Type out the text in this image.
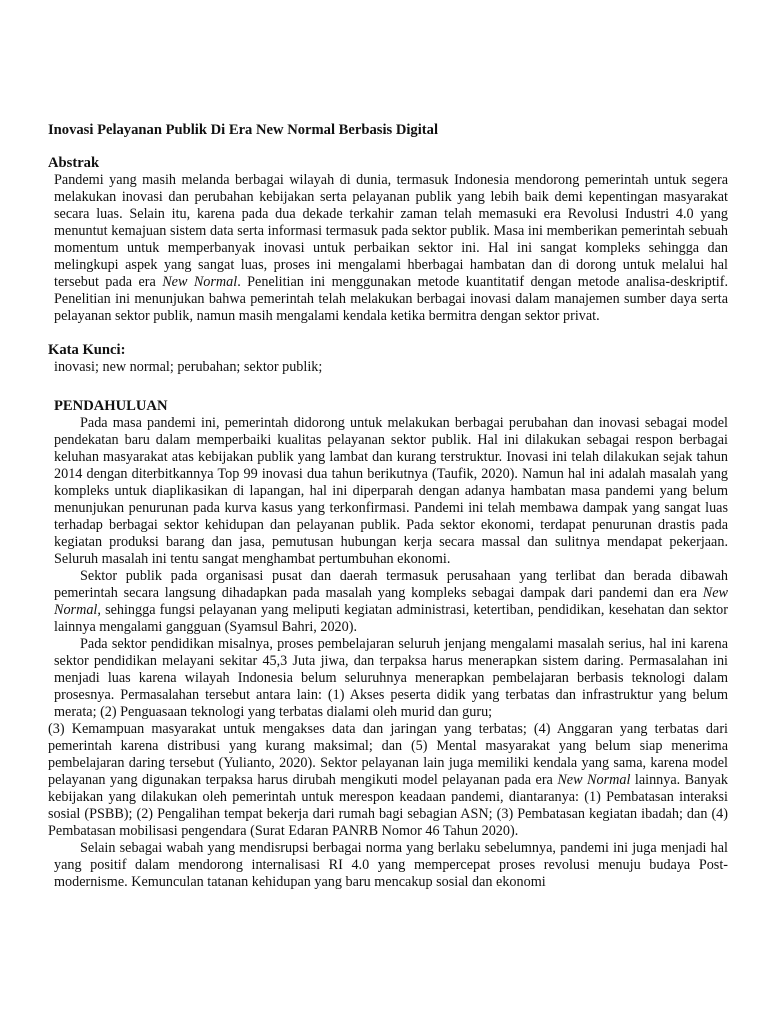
Inovasi Pelayanan Publik Di Era New Normal Berbasis Digital

Abstrak

Pandemi yang masih melanda berbagai wilayah di dunia, termasuk Indonesia mendorong pemerintah untuk segera melakukan inovasi dan perubahan kebijakan serta pelayanan publik yang lebih baik demi kepentingan masyarakat secara luas. Selain itu, karena pada dua dekade terkahir zaman telah memasuki era Revolusi Industri 4.0 yang menuntut kemajuan sistem data serta informasi termasuk pada sektor publik. Masa ini memberikan pemerintah sebuah momentum untuk memperbanyak inovasi untuk perbaikan sektor ini. Hal ini sangat kompleks sehingga dan melingkupi aspek yang sangat luas, proses ini mengalami hberbagai hambatan dan di dorong untuk melalui hal tersebut pada era New Normal. Penelitian ini menggunakan metode kuantitatif dengan metode analisa-deskriptif. Penelitian ini menunjukan bahwa pemerintah telah melakukan berbagai inovasi dalam manajemen sumber daya serta pelayanan sektor publik, namun masih mengalami kendala ketika bermitra dengan sektor privat.

Kata Kunci:

inovasi; new normal; perubahan; sektor publik;

PENDAHULUAN

Pada masa pandemi ini, pemerintah didorong untuk melakukan berbagai perubahan dan inovasi sebagai model pendekatan baru dalam memperbaiki kualitas pelayanan sektor publik. Hal ini dilakukan sebagai respon berbagai keluhan masyarakat atas kebijakan publik yang lambat dan kurang terstruktur. Inovasi ini telah dilakukan sejak tahun 2014 dengan diterbitkannya Top 99 inovasi dua tahun berikutnya (Taufik, 2020). Namun hal ini adalah masalah yang kompleks untuk diaplikasikan di lapangan, hal ini diperparah dengan adanya hambatan masa pandemi yang belum menunjukan penurunan pada kurva kasus yang terkonfirmasi. Pandemi ini telah membawa dampak yang sangat luas terhadap berbagai sektor kehidupan dan pelayanan publik. Pada sektor ekonomi, terdapat penurunan drastis pada kegiatan produksi barang dan jasa, pemutusan hubungan kerja secara massal dan sulitnya mendapat pekerjaan. Seluruh masalah ini tentu sangat menghambat pertumbuhan ekonomi.

Sektor publik pada organisasi pusat dan daerah termasuk perusahaan yang terlibat dan berada dibawah pemerintah secara langsung dihadapkan pada masalah yang kompleks sebagai dampak dari pandemi dan era New Normal, sehingga fungsi pelayanan yang meliputi kegiatan administrasi, ketertiban, pendidikan, kesehatan dan sektor lainnya mengalami gangguan (Syamsul Bahri, 2020).

Pada sektor pendidikan misalnya, proses pembelajaran seluruh jenjang mengalami masalah serius, hal ini karena sektor pendidikan melayani sekitar 45,3 Juta jiwa, dan terpaksa harus menerapkan sistem daring. Permasalahan ini menjadi luas karena wilayah Indonesia belum seluruhnya menerapkan pembelajaran berbasis teknologi dalam prosesnya. Permasalahan tersebut antara lain: (1) Akses peserta didik yang terbatas dan infrastruktur yang belum merata; (2) Penguasaan teknologi yang terbatas dialami oleh murid dan guru;

(3) Kemampuan masyarakat untuk mengakses data dan jaringan yang terbatas; (4) Anggaran yang terbatas dari pemerintah karena distribusi yang kurang maksimal; dan (5) Mental masyarakat yang belum siap menerima pembelajaran daring tersebut (Yulianto, 2020). Sektor pelayanan lain juga memiliki kendala yang sama, karena model pelayanan yang digunakan terpaksa harus dirubah mengikuti model pelayanan pada era New Normal lainnya. Banyak kebijakan yang dilakukan oleh pemerintah untuk merespon keadaan pandemi, diantaranya: (1) Pembatasan interaksi sosial (PSBB); (2) Pengalihan tempat bekerja dari rumah bagi sebagian ASN; (3) Pembatasan kegiatan ibadah; dan (4) Pembatasan mobilisasi pengendara (Surat Edaran PANRB Nomor 46 Tahun 2020).

Selain sebagai wabah yang mendisrupsi berbagai norma yang berlaku sebelumnya, pandemi ini juga menjadi hal yang positif dalam mendorong internalisasi RI 4.0 yang mempercepat proses revolusi menuju budaya Post-modernisme. Kemunculan tatanan kehidupan yang baru mencakup sosial dan ekonomi
